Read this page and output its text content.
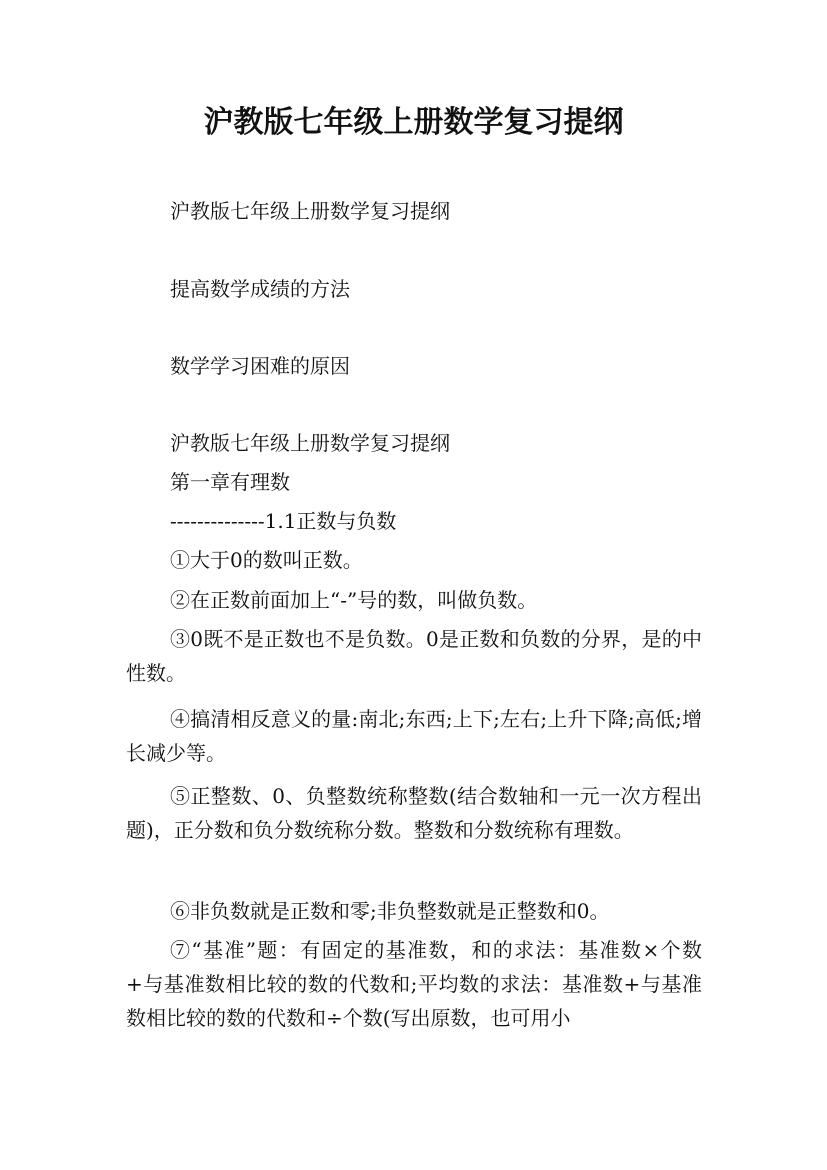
沪教版七年级上册数学复习提纲
沪教版七年级上册数学复习提纲
提高数学成绩的方法
数学学习困难的原因
沪教版七年级上册数学复习提纲
第一章有理数
--------------1.1正数与负数
①大于0的数叫正数。
②在正数前面加上“-”号的数，叫做负数。
③0既不是正数也不是负数。0是正数和负数的分界，是的中性数。
④搞清相反意义的量:南北;东西;上下;左右;上升下降;高低;增长减少等。
⑤正整数、0、负整数统称整数(结合数轴和一元一次方程出题)，正分数和负分数统称分数。整数和分数统称有理数。
⑥非负数就是正数和零;非负整数就是正整数和0。
⑦“基准”题：有固定的基准数，和的求法：基准数×个数+与基准数相比较的数的代数和;平均数的求法：基准数+与基准数相比较的数的代数和÷个数(写出原数，也可用小
